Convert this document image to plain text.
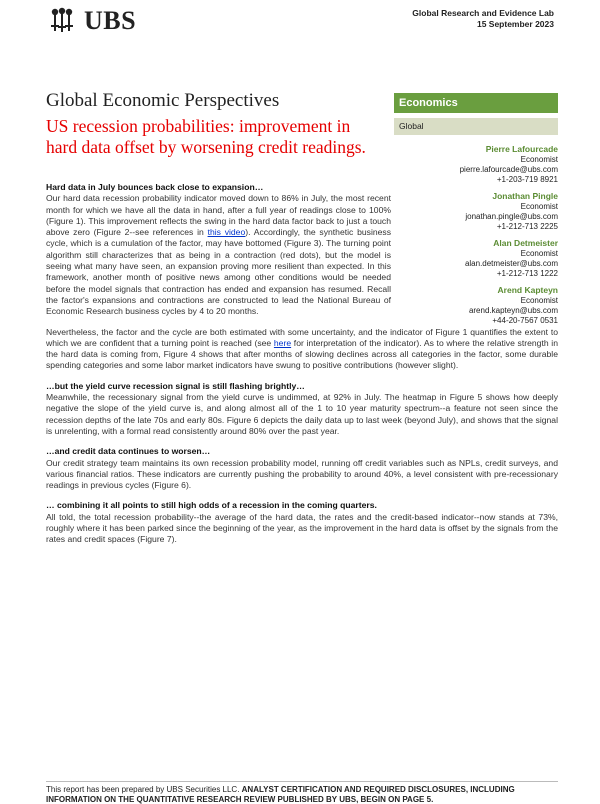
UBS	Global Research and Evidence Lab
15 September 2023
Global Economic Perspectives
US recession probabilities: improvement in hard data offset by worsening credit readings.
Economics
Global
Pierre Lafourcade
Economist
pierre.lafourcade@ubs.com
+1-203-719 8921
Jonathan Pingle
Economist
jonathan.pingle@ubs.com
+1-212-713 2225
Alan Detmeister
Economist
alan.detmeister@ubs.com
+1-212-713 1222
Arend Kapteyn
Economist
arend.kapteyn@ubs.com
+44-20-7567 0531
Hard data in July bounces back close to expansion…

Our hard data recession probability indicator moved down to 86% in July, the most recent month for which we have all the data in hand, after a full year of readings close to 100% (Figure 1). This improvement reflects the swing in the hard data factor back to just a touch above zero (Figure 2--see references in this video). Accordingly, the synthetic business cycle, which is a cumulation of the factor, may have bottomed (Figure 3). The turning point algorithm still characterizes that as being in a contraction (red dots), but the model is seeing what many have seen, an expansion proving more resilient than expected. In this framework, another month of positive news among other conditions would be needed before the model signals that contraction has ended and expansion has resumed. Recall the factor's expansions and contractions are constructed to lead the National Bureau of Economic Research business cycles by 4 to 20 months.

Nevertheless, the factor and the cycle are both estimated with some uncertainty, and the indicator of Figure 1 quantifies the extent to which we are confident that a turning point is reached (see here for interpretation of the indicator). As to where the relative strength in the hard data is coming from, Figure 4 shows that after months of slowing declines across all categories in the factor, some durable spending categories and some labor market indicators have swung to positive contributions (however slight).

…but the yield curve recession signal is still flashing brightly…

Meanwhile, the recessionary signal from the yield curve is undimmed, at 92% in July. The heatmap in Figure 5 shows how deeply negative the slope of the yield curve is, and along almost all of the 1 to 10 year maturity spectrum--a feature not seen since the recession depths of the late 70s and early 80s. Figure 6 depicts the daily data up to last week (beyond July), and shows that the signal is unrelenting, with a formal read consistently around 80% over the past year.

…and credit data continues to worsen…

Our credit strategy team maintains its own recession probability model, running off credit variables such as NPLs, credit surveys, and various financial ratios. These indicators are currently pushing the probability to around 40%, a level consistent with pre-recessionary readings in previous cycles (Figure 6).

… combining it all points to still high odds of a recession in the coming quarters.

All told, the total recession probability--the average of the hard data, the rates and the credit-based indicator--now stands at 73%, roughly where it has been parked since the beginning of the year, as the improvement in the hard data is offset by the signals from the rates and credit spaces (Figure 7).

This report has been prepared by UBS Securities LLC. ANALYST CERTIFICATION AND REQUIRED DISCLOSURES, INCLUDING INFORMATION ON THE QUANTITATIVE RESEARCH REVIEW PUBLISHED BY UBS, BEGIN ON PAGE 5.
